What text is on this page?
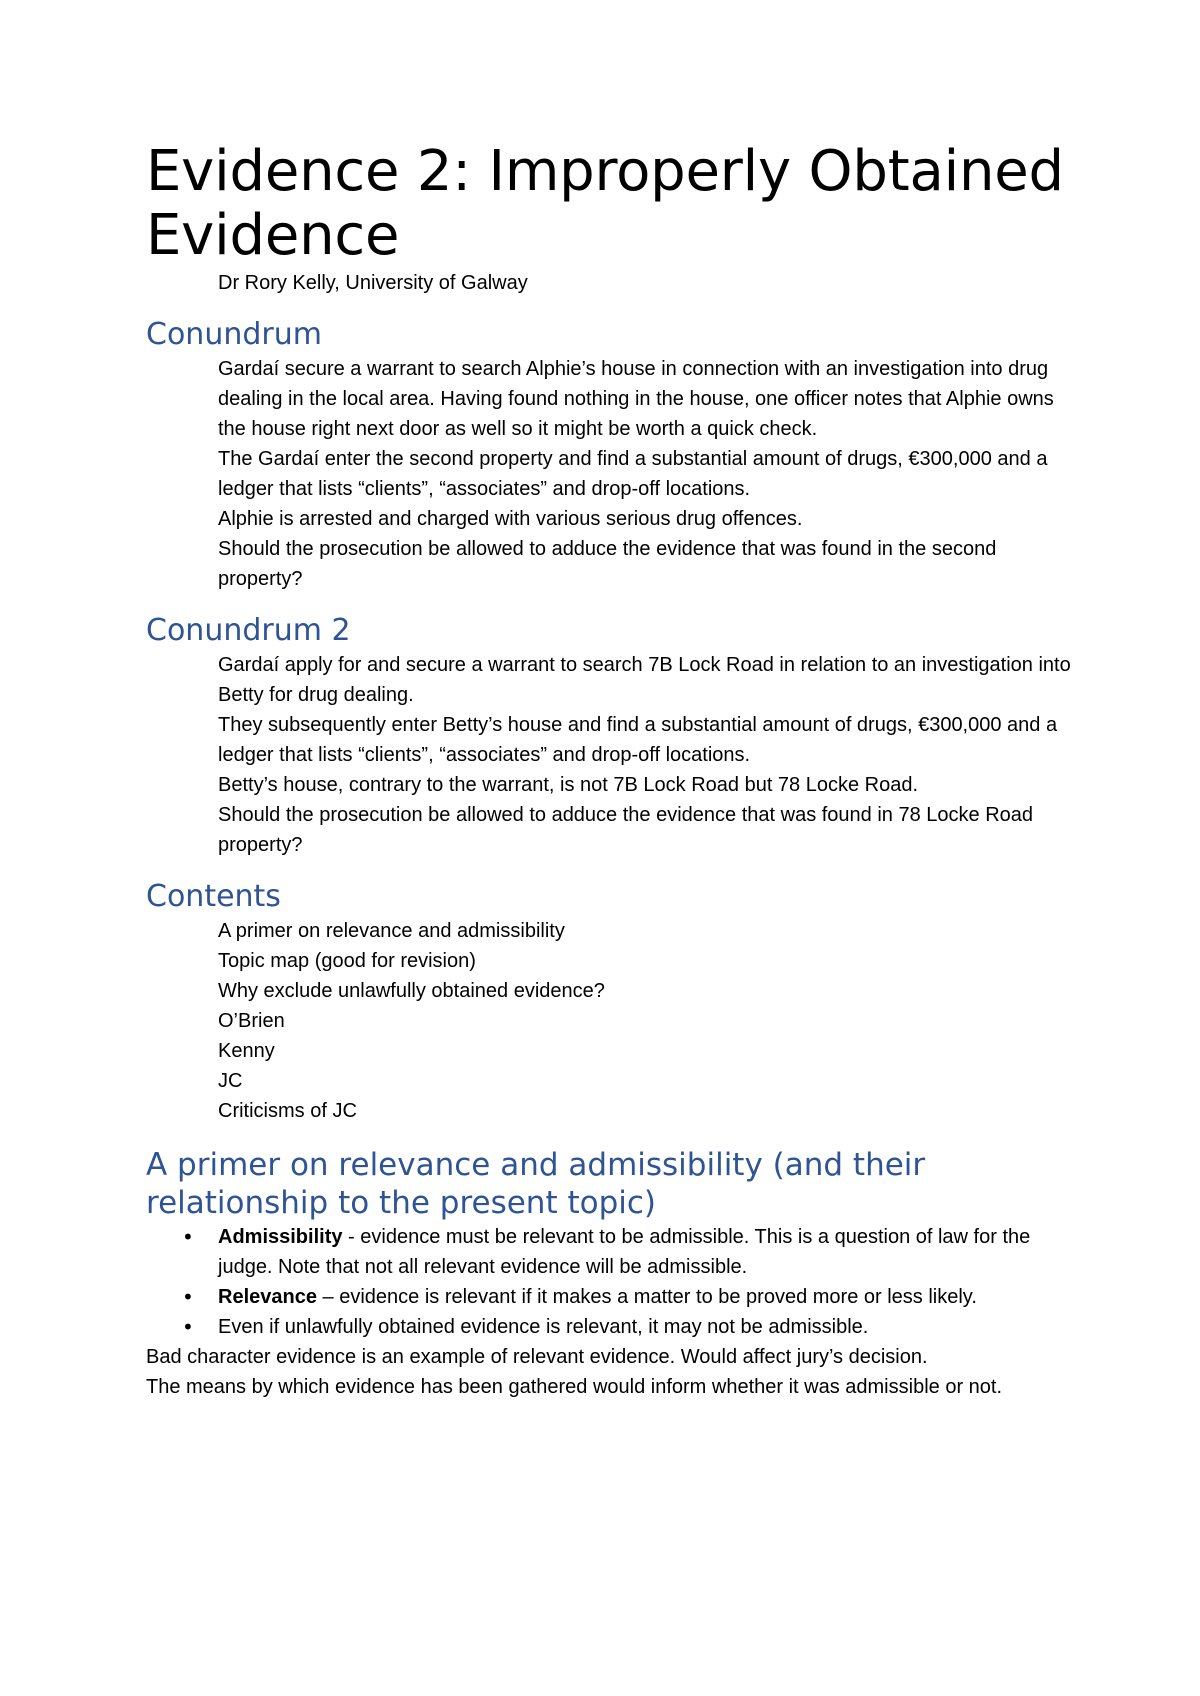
Evidence 2: Improperly Obtained Evidence
Dr Rory Kelly, University of Galway
Conundrum
Gardaí secure a warrant to search Alphie’s house in connection with an investigation into drug dealing in the local area. Having found nothing in the house, one officer notes that Alphie owns the house right next door as well so it might be worth a quick check.
The Gardaí enter the second property and find a substantial amount of drugs, €300,000 and a ledger that lists “clients”, “associates” and drop-off locations.
Alphie is arrested and charged with various serious drug offences.
Should the prosecution be allowed to adduce the evidence that was found in the second property?
Conundrum 2
Gardaí apply for and secure a warrant to search 7B Lock Road in relation to an investigation into Betty for drug dealing.
They subsequently enter Betty’s house and find a substantial amount of drugs, €300,000 and a ledger that lists “clients”, “associates” and drop-off locations.
Betty’s house, contrary to the warrant, is not 7B Lock Road but 78 Locke Road.
Should the prosecution be allowed to adduce the evidence that was found in 78 Locke Road property?
Contents
A primer on relevance and admissibility
Topic map (good for revision)
Why exclude unlawfully obtained evidence?
O’Brien
Kenny
JC
Criticisms of JC
A primer on relevance and admissibility (and their relationship to the present topic)
•	Admissibility - evidence must be relevant to be admissible. This is a question of law for the judge. Note that not all relevant evidence will be admissible.
•	Relevance – evidence is relevant if it makes a matter to be proved more or less likely.
•	Even if unlawfully obtained evidence is relevant, it may not be admissible.

Bad character evidence is an example of relevant evidence. Would affect jury’s decision.

The means by which evidence has been gathered would inform whether it was admissible or not.
